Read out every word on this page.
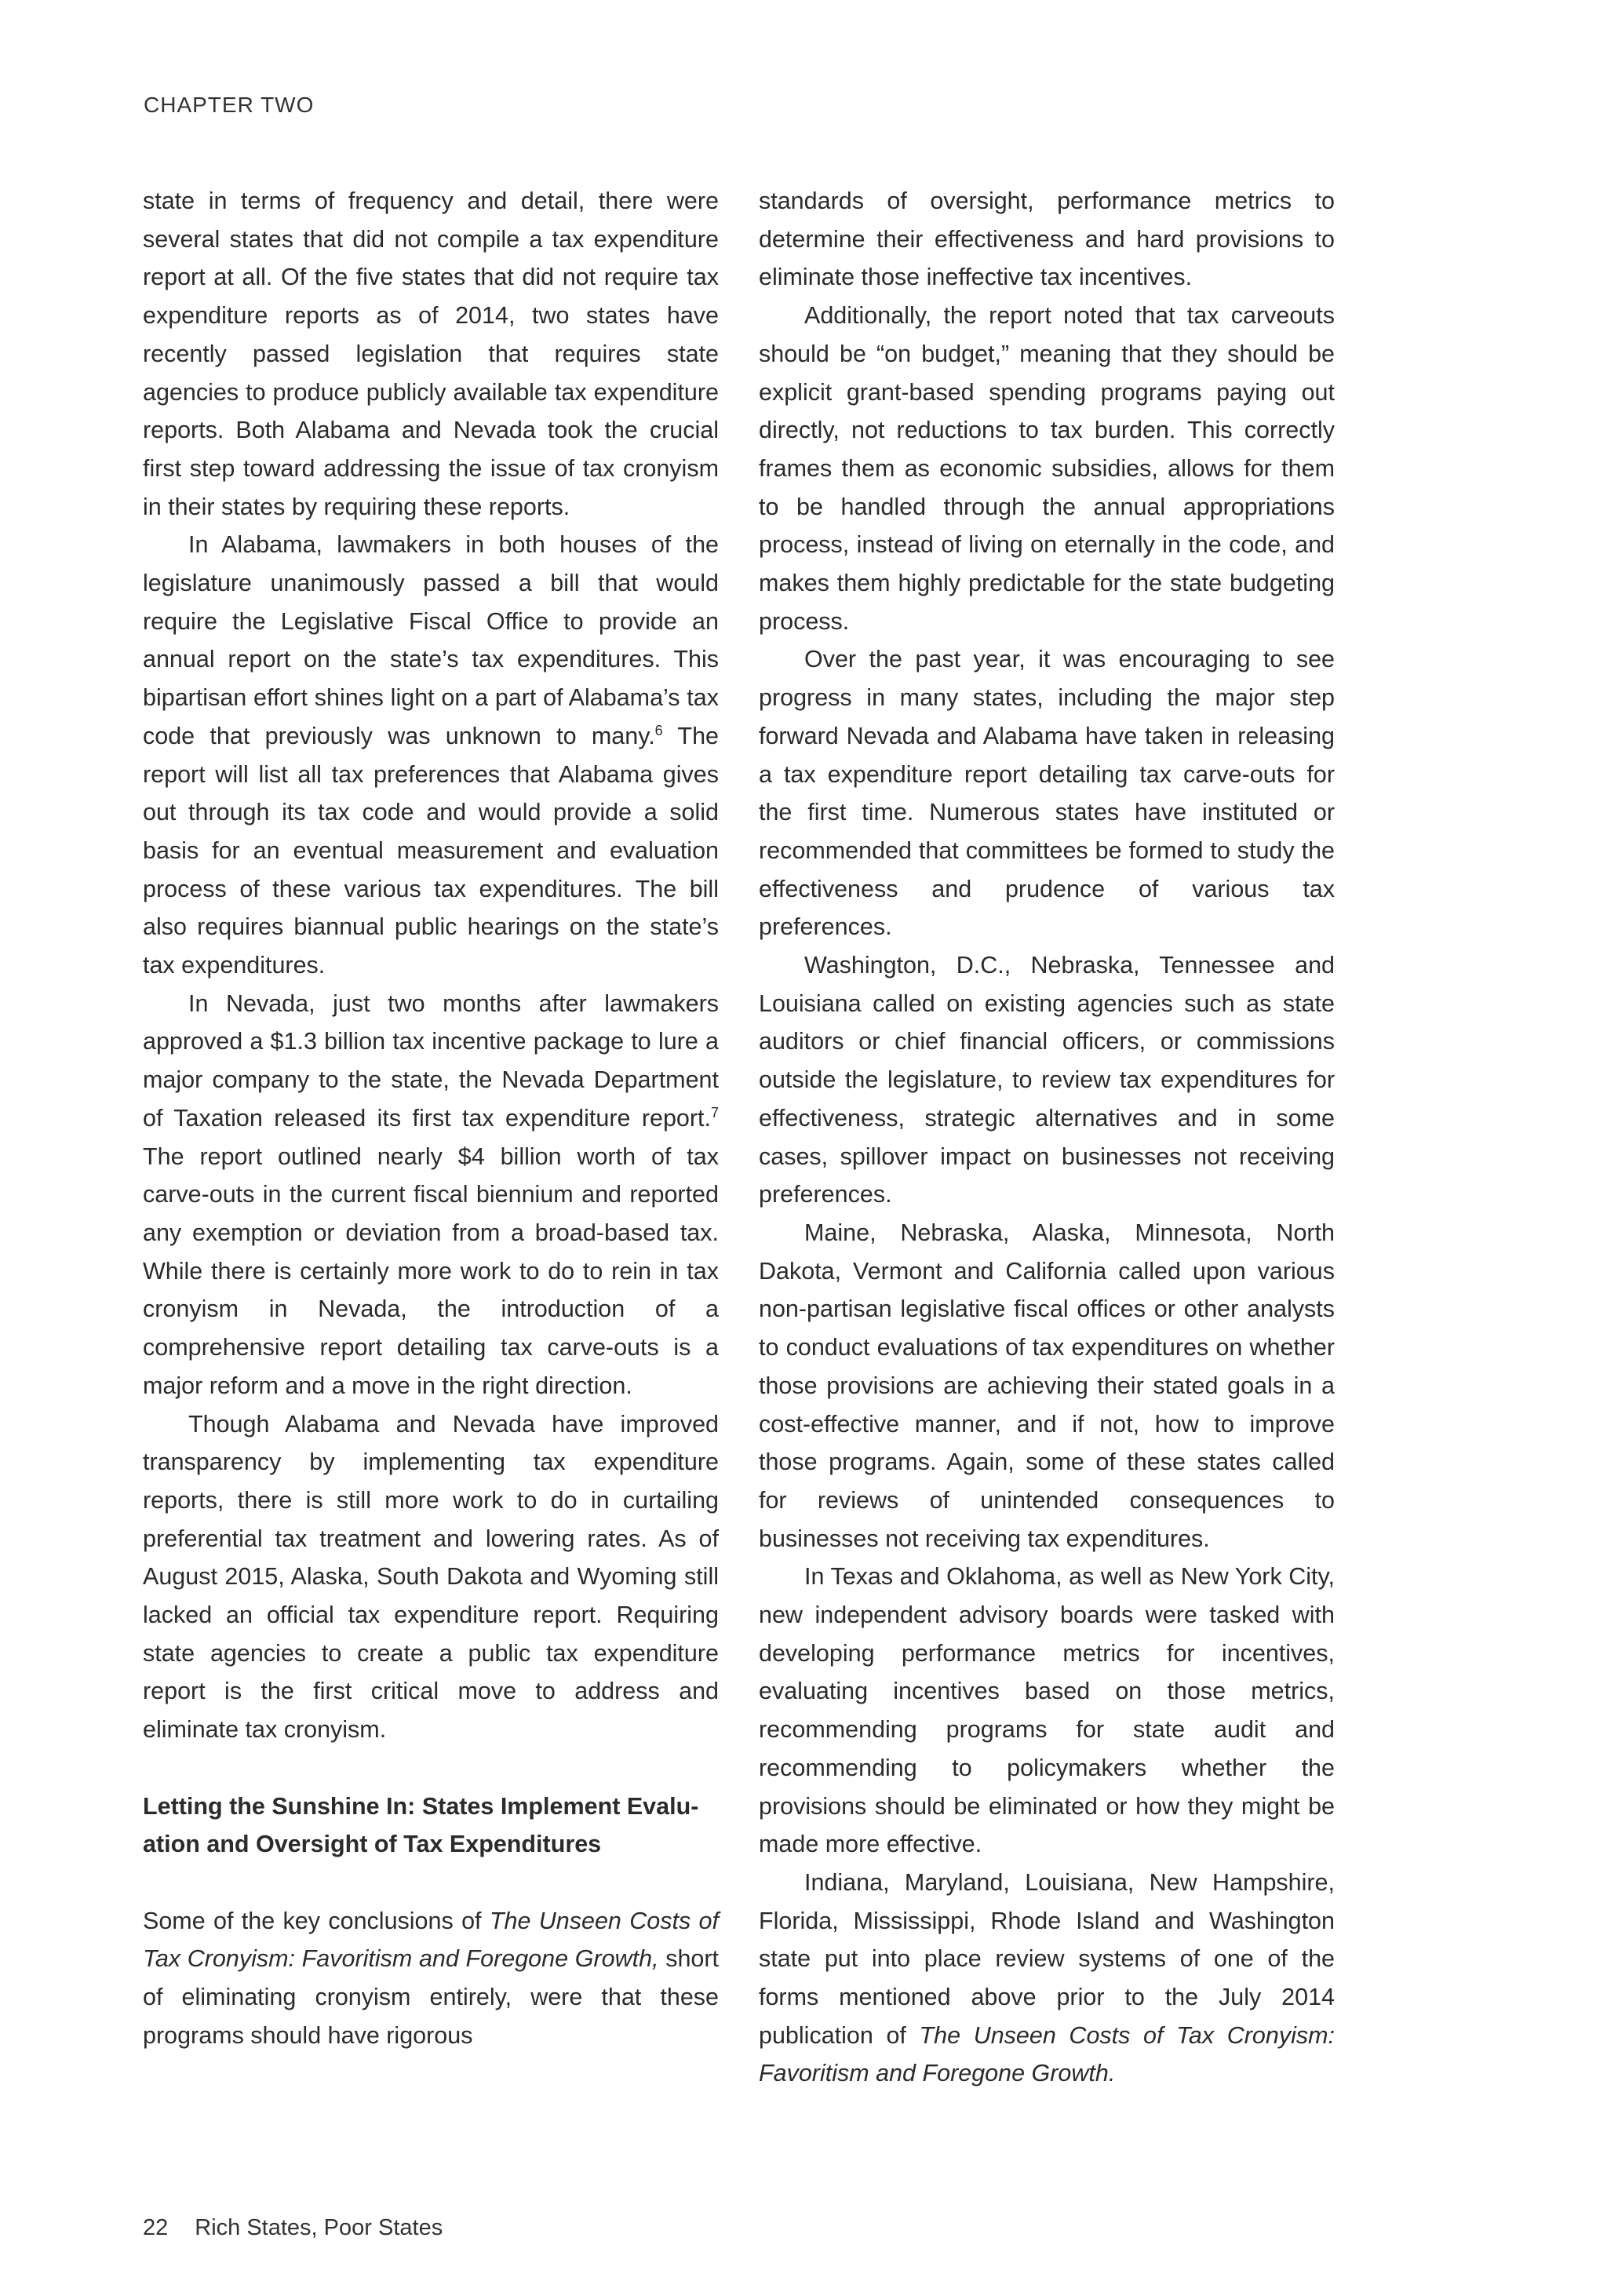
CHAPTER TWO

state in terms of frequency and detail, there were several states that did not compile a tax expenditure report at all. Of the five states that did not require tax expenditure reports as of 2014, two states have recently passed legislation that requires state agencies to produce publicly available tax expenditure reports. Both Alabama and Nevada took the crucial first step toward addressing the issue of tax cronyism in their states by requiring these reports.

In Alabama, lawmakers in both houses of the legislature unanimously passed a bill that would require the Legislative Fiscal Office to provide an annual report on the state’s tax expenditures. This bipartisan effort shines light on a part of Alabama’s tax code that previously was unknown to many.$^6$ The report will list all tax preferences that Alabama gives out through its tax code and would provide a solid basis for an eventual measurement and evaluation process of these various tax expenditures. The bill also requires biannual public hearings on the state’s tax expenditures.

In Nevada, just two months after lawmakers approved a $1.3 billion tax incentive package to lure a major company to the state, the Nevada Department of Taxation released its first tax expenditure report.$^7$ The report outlined nearly $4 billion worth of tax carve-outs in the current fiscal biennium and reported any exemption or deviation from a broad-based tax. While there is certainly more work to do to rein in tax cronyism in Nevada, the introduction of a comprehensive report detailing tax carve-outs is a major reform and a move in the right direction.

Though Alabama and Nevada have improved transparency by implementing tax expenditure reports, there is still more work to do in curtailing preferential tax treatment and lowering rates. As of August 2015, Alaska, South Dakota and Wyoming still lacked an official tax expenditure report. Requiring state agencies to create a public tax expenditure report is the first critical move to address and eliminate tax cronyism.

Letting the Sunshine In: States Implement Evaluation and Oversight of Tax Expenditures

Some of the key conclusions of The Unseen Costs of Tax Cronyism: Favoritism and Foregone Growth, short of eliminating cronyism entirely, were that these programs should have rigorous

standards of oversight, performance metrics to determine their effectiveness and hard provisions to eliminate those ineffective tax incentives.

Additionally, the report noted that tax carveouts should be “on budget,” meaning that they should be explicit grant-based spending programs paying out directly, not reductions to tax burden. This correctly frames them as economic subsidies, allows for them to be handled through the annual appropriations process, instead of living on eternally in the code, and makes them highly predictable for the state budgeting process.

Over the past year, it was encouraging to see progress in many states, including the major step forward Nevada and Alabama have taken in releasing a tax expenditure report detailing tax carve-outs for the first time. Numerous states have instituted or recommended that committees be formed to study the effectiveness and prudence of various tax preferences.

Washington, D.C., Nebraska, Tennessee and Louisiana called on existing agencies such as state auditors or chief financial officers, or commissions outside the legislature, to review tax expenditures for effectiveness, strategic alternatives and in some cases, spillover impact on businesses not receiving preferences.

Maine, Nebraska, Alaska, Minnesota, North Dakota, Vermont and California called upon various non-partisan legislative fiscal offices or other analysts to conduct evaluations of tax expenditures on whether those provisions are achieving their stated goals in a cost-effective manner, and if not, how to improve those programs. Again, some of these states called for reviews of unintended consequences to businesses not receiving tax expenditures.

In Texas and Oklahoma, as well as New York City, new independent advisory boards were tasked with developing performance metrics for incentives, evaluating incentives based on those metrics, recommending programs for state audit and recommending to policymakers whether the provisions should be eliminated or how they might be made more effective.

Indiana, Maryland, Louisiana, New Hampshire, Florida, Mississippi, Rhode Island and Washington state put into place review systems of one of the forms mentioned above prior to the July 2014 publication of The Unseen Costs of Tax Cronyism: Favoritism and Foregone Growth.

22 Rich States, Poor States
